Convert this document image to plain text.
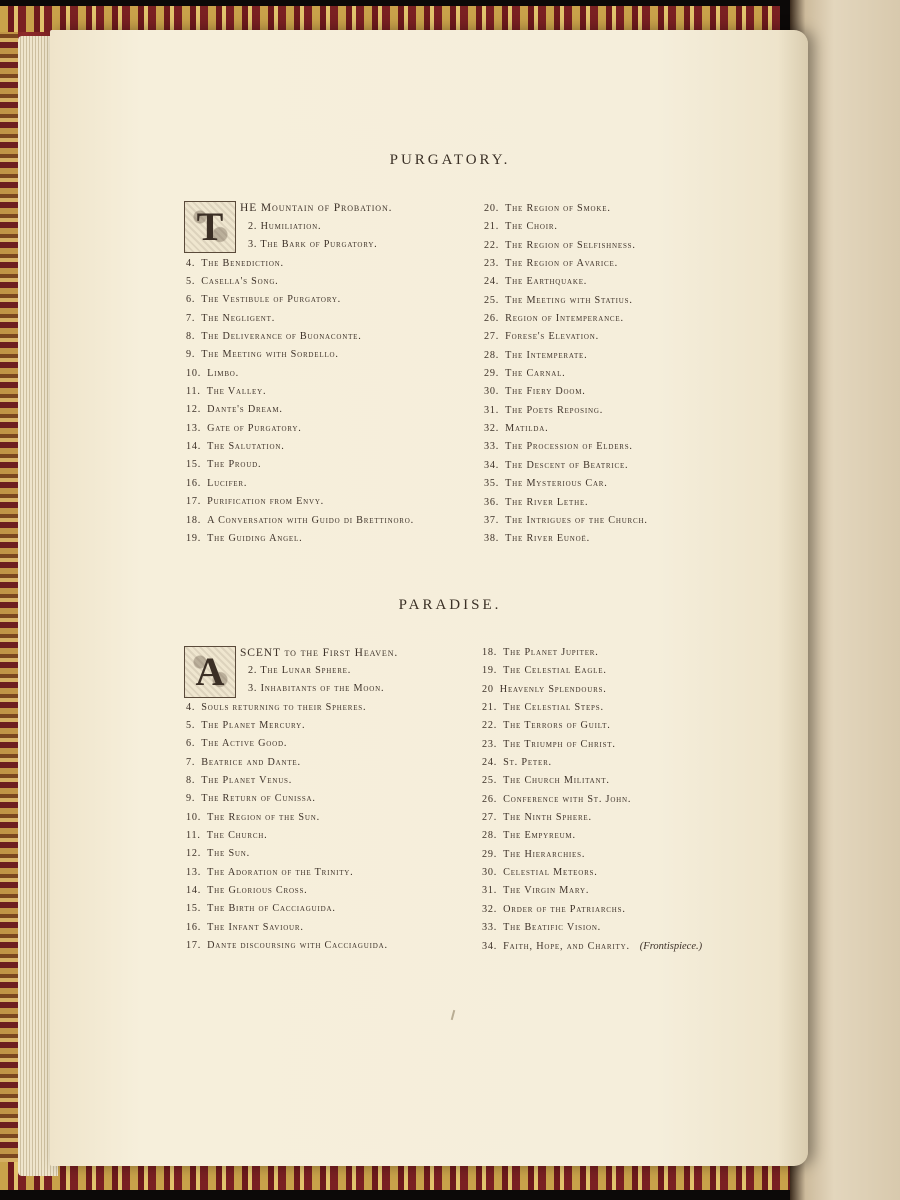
PURGATORY.
T	HE Mountain of Probation.
2. Humiliation.
3. The Bark of Purgatory.
4. The Benediction.
5. Casella's Song.
6. The Vestibule of Purgatory.
7. The Negligent.
8. The Deliverance of Buonaconte.
9. The Meeting with Sordello.
10. Limbo.
11. The Valley.
12. Dante's Dream.
13. Gate of Purgatory.
14. The Salutation.
15. The Proud.
16. Lucifer.
17. Purification from Envy.
18. A Conversation with Guido di Brettinoro.
19. The Guiding Angel.
20. The Region of Smoke.
21. The Choir.
22. The Region of Selfishness.
23. The Region of Avarice.
24. The Earthquake.
25. The Meeting with Statius.
26. Region of Intemperance.
27. Forese's Elevation.
28. The Intemperate.
29. The Carnal.
30. The Fiery Doom.
31. The Poets Reposing.
32. Matilda.
33. The Procession of Elders.
34. The Descent of Beatrice.
35. The Mysterious Car.
36. The River Lethe.
37. The Intrigues of the Church.
38. The River Eunoë.
PARADISE.
A	SCENT to the First Heaven.
2. The Lunar Sphere.
3. Inhabitants of the Moon.
4. Souls returning to their Spheres.
5. The Planet Mercury.
6. The Active Good.
7. Beatrice and Dante.
8. The Planet Venus.
9. The Return of Cunissa.
10. The Region of the Sun.
11. The Church.
12. The Sun.
13. The Adoration of the Trinity.
14. The Glorious Cross.
15. The Birth of Cacciaguida.
16. The Infant Saviour.
17. Dante discoursing with Cacciaguida.
18. The Planet Jupiter.
19. The Celestial Eagle.
20 Heavenly Splendours.
21. The Celestial Steps.
22. The Terrors of Guilt.
23. The Triumph of Christ.
24. St. Peter.
25. The Church Militant.
26. Conference with St. John.
27. The Ninth Sphere.
28. The Empyreum.
29. The Hierarchies.
30. Celestial Meteors.
31. The Virgin Mary.
32. Order of the Patriarchs.
33. The Beatific Vision.
34. Faith, Hope, and Charity. (Frontispiece.)
